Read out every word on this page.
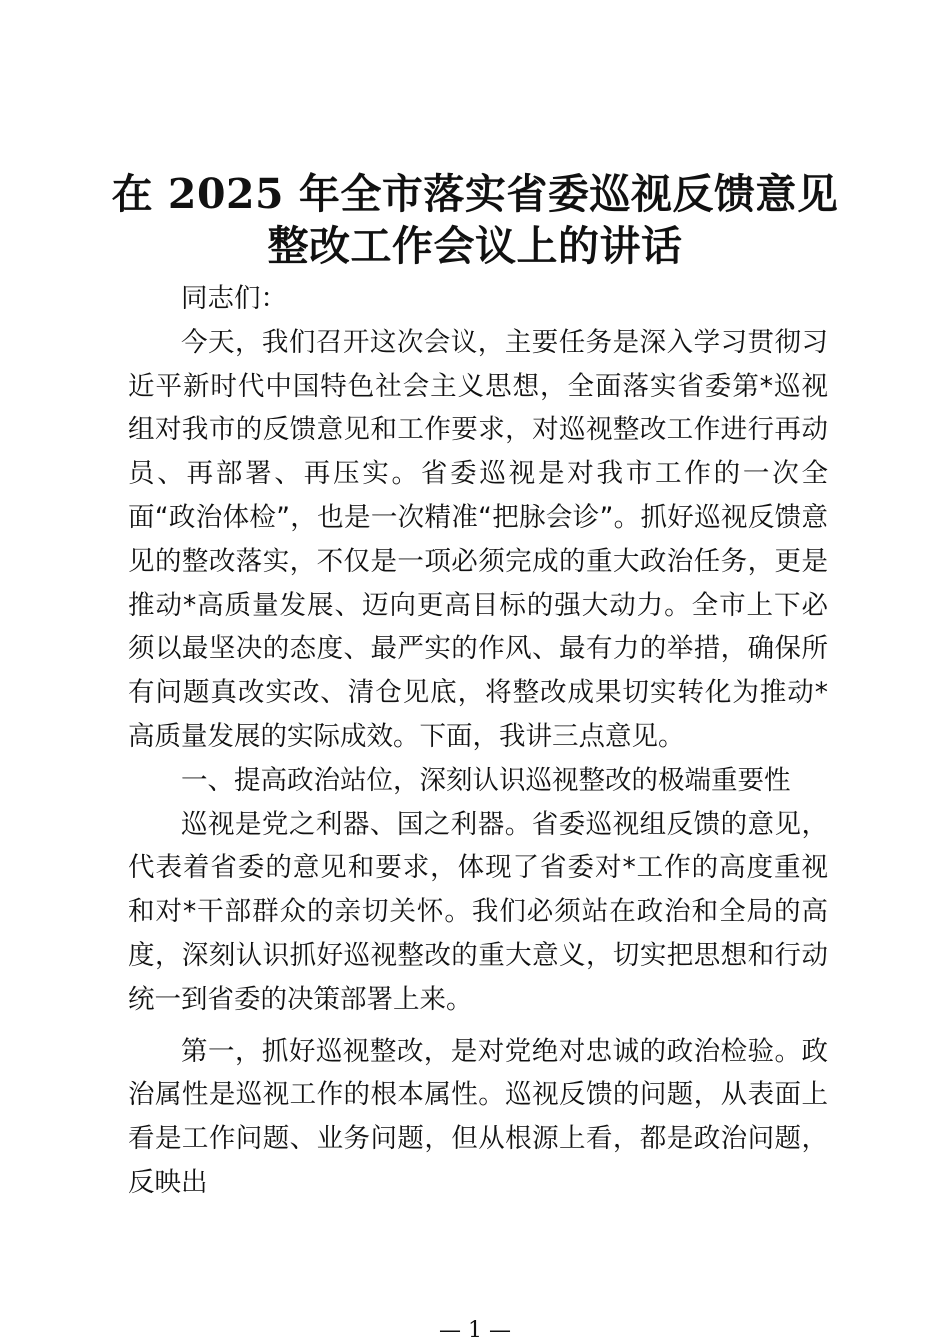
在 2025 年全市落实省委巡视反馈意见
整改工作会议上的讲话

同志们：

今天，我们召开这次会议，主要任务是深入学习贯彻习近平新时代中国特色社会主义思想，全面落实省委第*巡视组对我市的反馈意见和工作要求，对巡视整改工作进行再动员、再部署、再压实。省委巡视是对我市工作的一次全面“政治体检”，也是一次精准“把脉会诊”。抓好巡视反馈意见的整改落实，不仅是一项必须完成的重大政治任务，更是推动*高质量发展、迈向更高目标的强大动力。全市上下必须以最坚决的态度、最严实的作风、最有力的举措，确保所有问题真改实改、清仓见底，将整改成果切实转化为推动*高质量发展的实际成效。下面，我讲三点意见。

一、提高政治站位，深刻认识巡视整改的极端重要性

巡视是党之利器、国之利器。省委巡视组反馈的意见，代表着省委的意见和要求，体现了省委对*工作的高度重视和对*干部群众的亲切关怀。我们必须站在政治和全局的高度，深刻认识抓好巡视整改的重大意义，切实把思想和行动统一到省委的决策部署上来。

第一，抓好巡视整改，是对党绝对忠诚的政治检验。政治属性是巡视工作的根本属性。巡视反馈的问题，从表面上看是工作问题、业务问题，但从根源上看，都是政治问题，反映出

— 1 —
